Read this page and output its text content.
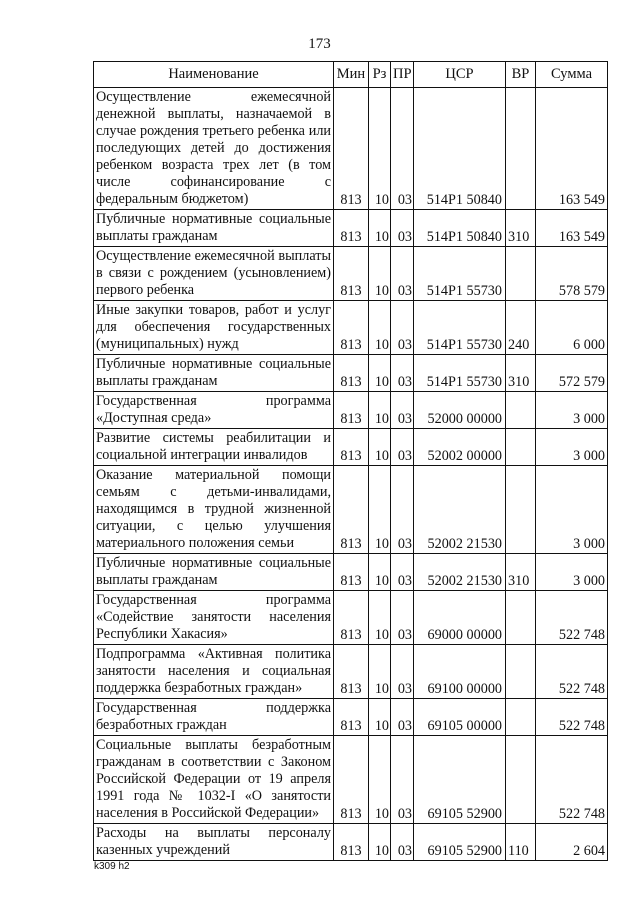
173
Наименование	Мин	Рз	ПР	ЦСР	ВР	Сумма
Осуществление ежемесячной денежной выплаты, назначаемой в случае рождения третьего ребенка или последующих детей до достижения ребенком возраста трех лет (в том числе софинансирование с федеральным бюджетом)	813	10	03	514P1 50840		163 549
Публичные нормативные социальные выплаты гражданам	813	10	03	514P1 50840	310	163 549
Осуществление ежемесячной выплаты в связи с рождением (усыновлением) первого ребенка	813	10	03	514P1 55730		578 579
Иные закупки товаров, работ и услуг для обеспечения государственных (муниципальных) нужд	813	10	03	514P1 55730	240	6 000
Публичные нормативные социальные выплаты гражданам	813	10	03	514P1 55730	310	572 579
Государственная программа «Доступная среда»	813	10	03	52000 00000		3 000
Развитие системы реабилитации и социальной интеграции инвалидов	813	10	03	52002 00000		3 000
Оказание материальной помощи семьям с детьми-инвалидами, находящимся в трудной жизненной ситуации, с целью улучшения материального положения семьи	813	10	03	52002 21530		3 000
Публичные нормативные социальные выплаты гражданам	813	10	03	52002 21530	310	3 000
Государственная программа «Содействие занятости населения Республики Хакасия»	813	10	03	69000 00000		522 748
Подпрограмма «Активная политика занятости населения и социальная поддержка безработных граждан»	813	10	03	69100 00000		522 748
Государственная поддержка безработных граждан	813	10	03	69105 00000		522 748
Социальные выплаты безработным гражданам в соответствии с Законом Российской Федерации от 19 апреля 1991 года № 1032-I «О занятости населения в Российской Федерации»	813	10	03	69105 52900		522 748
Расходы на выплаты персоналу казенных учреждений	813	10	03	69105 52900	110	2 604
k309 h2
